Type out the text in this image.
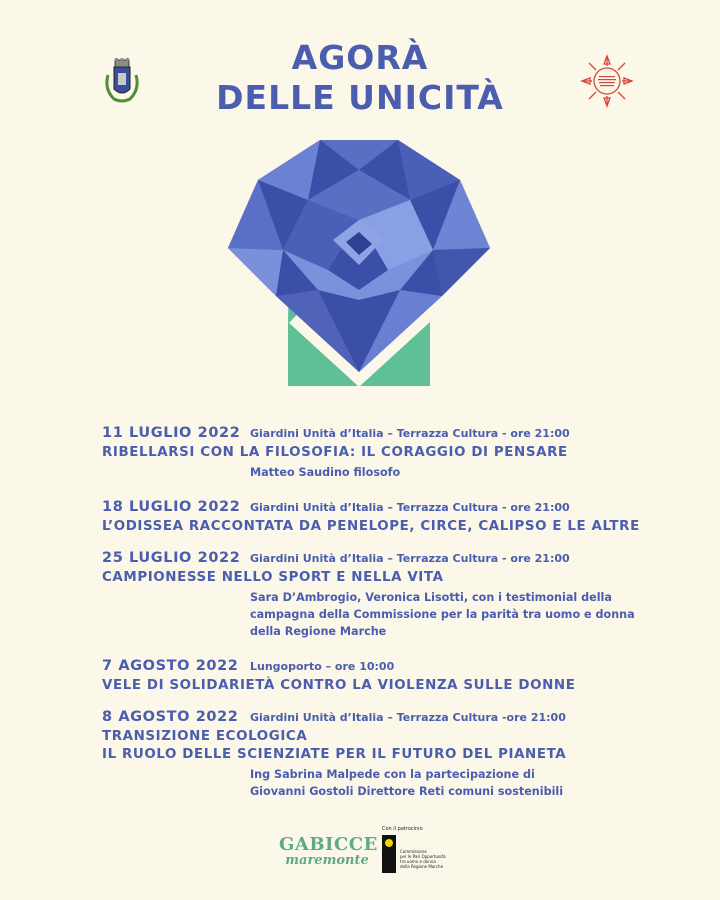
AGORÀ
DELLE UNICITÀ
11 LUGLIO 2022 Giardini Unità d’Italia – Terrazza Cultura - ore 21:00
RIBELLARSI CON LA FILOSOFIA: IL CORAGGIO DI PENSARE
Matteo Saudino filosofo
18 LUGLIO 2022 Giardini Unità d’Italia – Terrazza Cultura - ore 21:00
L’ODISSEA RACCONTATA DA PENELOPE, CIRCE, CALIPSO E LE ALTRE
25 LUGLIO 2022 Giardini Unità d’Italia – Terrazza Cultura - ore 21:00
CAMPIONESSE NELLO SPORT E NELLA VITA
Sara D’Ambrogio, Veronica Lisotti, con i testimonial della
campagna della Commissione per la parità tra uomo e donna
della Regione Marche
7 AGOSTO 2022	Lungoporto – ore 10:00
VELE DI SOLIDARIETÀ CONTRO LA VIOLENZA SULLE DONNE
8 AGOSTO 2022	Giardini Unità d’Italia – Terrazza Cultura -ore 21:00
TRANSIZIONE ECOLOGICA
IL RUOLO DELLE SCIENZIATE PER IL FUTURO DEL PIANETA
Ing Sabrina Malpede con la partecipazione di
Giovanni Gostoli Direttore Reti comuni sostenibili
GABICCE
maremonte
Con il patrocinio
Commissione
per le Pari Opportunità
tra uomo e donna
della Regione Marche
